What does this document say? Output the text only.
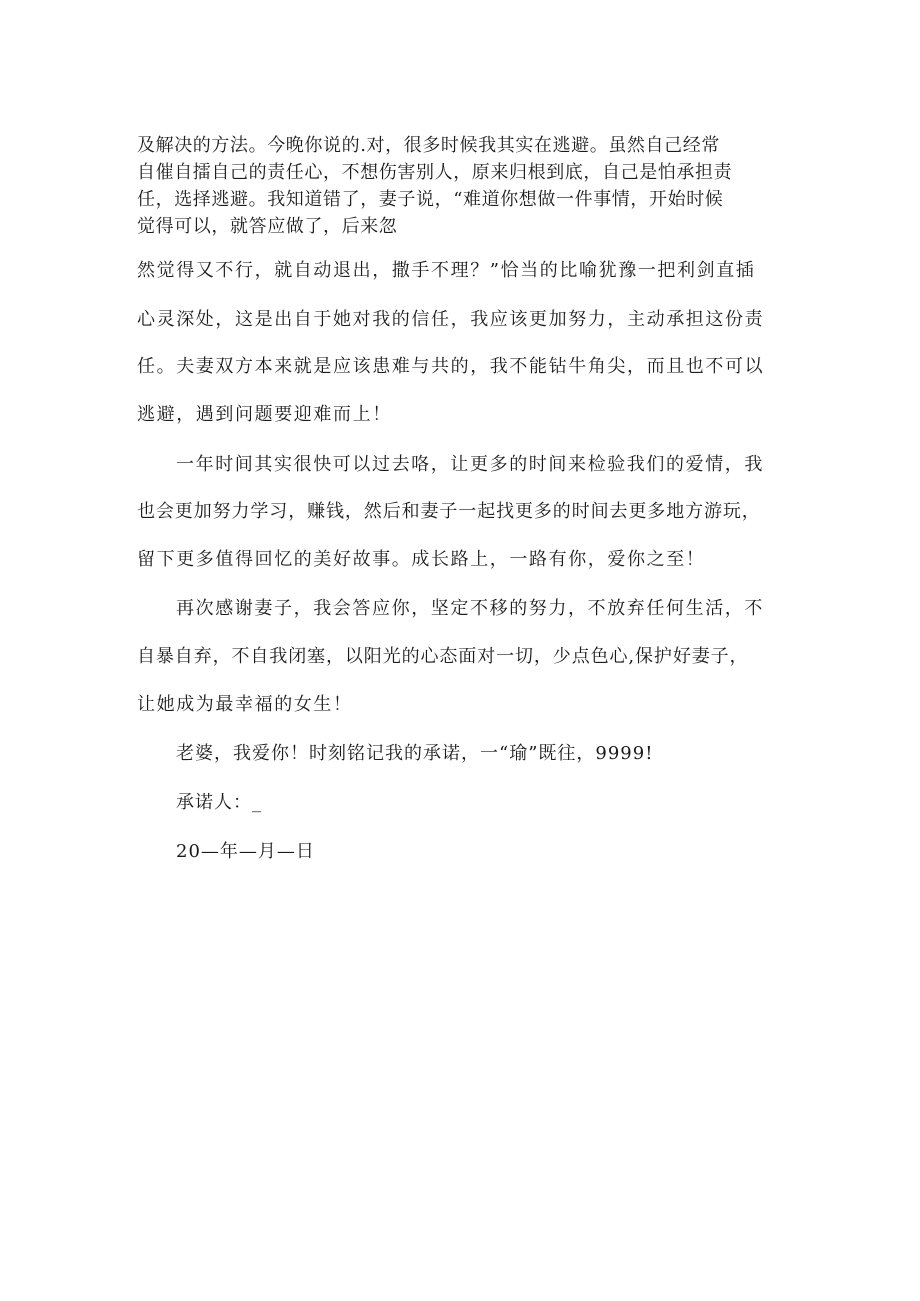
及解决的方法。今晚你说的.对，很多时候我其实在逃避。虽然自己经常

自催自擂自己的责任心，不想伤害别人，原来归根到底，自己是怕承担责

任，选择逃避。我知道错了，妻子说，“难道你想做一件事情，开始时候

觉得可以，就答应做了，后来忽

然觉得又不行，就自动退出，撒手不理？”恰当的比喻犹豫一把利剑直插

心灵深处，这是出自于她对我的信任，我应该更加努力，主动承担这份责

任。夫妻双方本来就是应该患难与共的，我不能钻牛角尖，而且也不可以

逃避，遇到问题要迎难而上！

一年时间其实很快可以过去咯，让更多的时间来检验我们的爱情，我

也会更加努力学习，赚钱，然后和妻子一起找更多的时间去更多地方游玩，

留下更多值得回忆的美好故事。成长路上，一路有你，爱你之至！

再次感谢妻子，我会答应你，坚定不移的努力，不放弃任何生活，不

自暴自弃，不自我闭塞，以阳光的心态面对一切，少点色心,保护好妻子，

让她成为最幸福的女生！

老婆，我爱你！时刻铭记我的承诺，一“瑜”既往，9999!

承诺人：_

20—年—月—日
